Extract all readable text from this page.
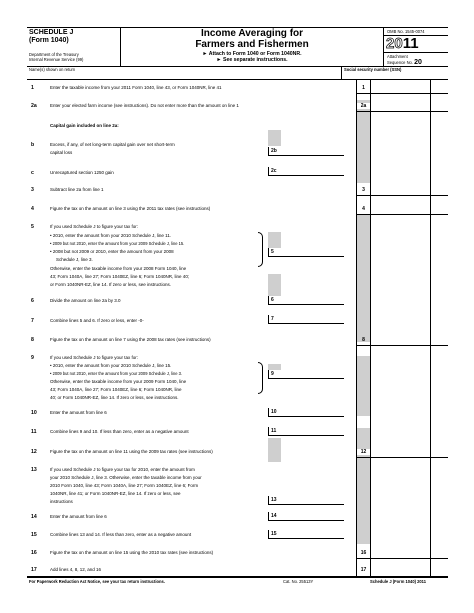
SCHEDULE J
(Form 1040)
Department of the Treasury
Internal Revenue Service (99)
Income Averaging for
Farmers and Fishermen
► Attach to Form 1040 or Form 1040NR.
► See separate instructions.
OMB No. 1545-0074
2011
Attachment
Sequence No. 20
Name(s) shown on return	Social security number (SSN)
1	Enter the taxable income from your 2011 Form 1040, line 43, or Form 1040NR, line 41	1
2a	Enter your elected farm income (see instructions). Do not enter more than the amount on line 1	2a
Capital gain included on line 2a:
b	Excess, if any, of net long-term capital gain over net short-term
capital loss	2b
c	Unrecaptured section 1250 gain	2c
3	Subtract line 2a from line 1	3
4	Figure the tax on the amount on line 3 using the 2011 tax rates (see instructions)	4
5	If you used Schedule J to figure your tax for:
• 2010, enter the amount from your 2010 Schedule J, line 11.
• 2009 but not 2010, enter the amount from your 2009 Schedule J, line 15.
• 2008 but not 2009 or 2010, enter the amount from your 2008
Schedule J, line 3.
Otherwise, enter the taxable income from your 2008 Form 1040, line
43; Form 1040A, line 27; Form 1040EZ, line 6; Form 1040NR, line 40;
or Form 1040NR-EZ, line 14. If zero or less, see instructions.
5
6	Divide the amount on line 2a by 3.0	6
7	Combine lines 5 and 6. If zero or less, enter -0-	7
8	Figure the tax on the amount on line 7 using the 2008 tax rates (see instructions)	8
9	If you used Schedule J to figure your tax for:
• 2010, enter the amount from your 2010 Schedule J, line 15.
• 2009 but not 2010, enter the amount from your 2009 Schedule J, line 3.
Otherwise, enter the taxable income from your 2009 Form 1040, line
43; Form 1040A, line 27; Form 1040EZ, line 6; Form 1040NR, line
40; or Form 1040NR-EZ, line 14. If zero or less, see instructions.
9
10	Enter the amount from line 6	10
11	Combine lines 9 and 10. If less than zero, enter as a negative amount	11
12	Figure the tax on the amount on line 11 using the 2009 tax rates (see instructions)	12
13	If you used Schedule J to figure your tax for 2010, enter the amount from
your 2010 Schedule J, line 3. Otherwise, enter the taxable income from your
2010 Form 1040, line 43; Form 1040A, line 27; Form 1040EZ, line 6; Form
1040NR, line 41; or Form 1040NR-EZ, line 14. If zero or less, see
instructions	13
14	Enter the amount from line 6	14
15	Combine lines 13 and 14. If less than zero, enter as a negative amount	15
16	Figure the tax on the amount on line 15 using the 2010 tax rates (see instructions)	16
17	Add lines 4, 8, 12, and 16	17
For Paperwork Reduction Act Notice, see your tax return instructions.	Cat. No. 25513Y	Schedule J (Form 1040) 2011
